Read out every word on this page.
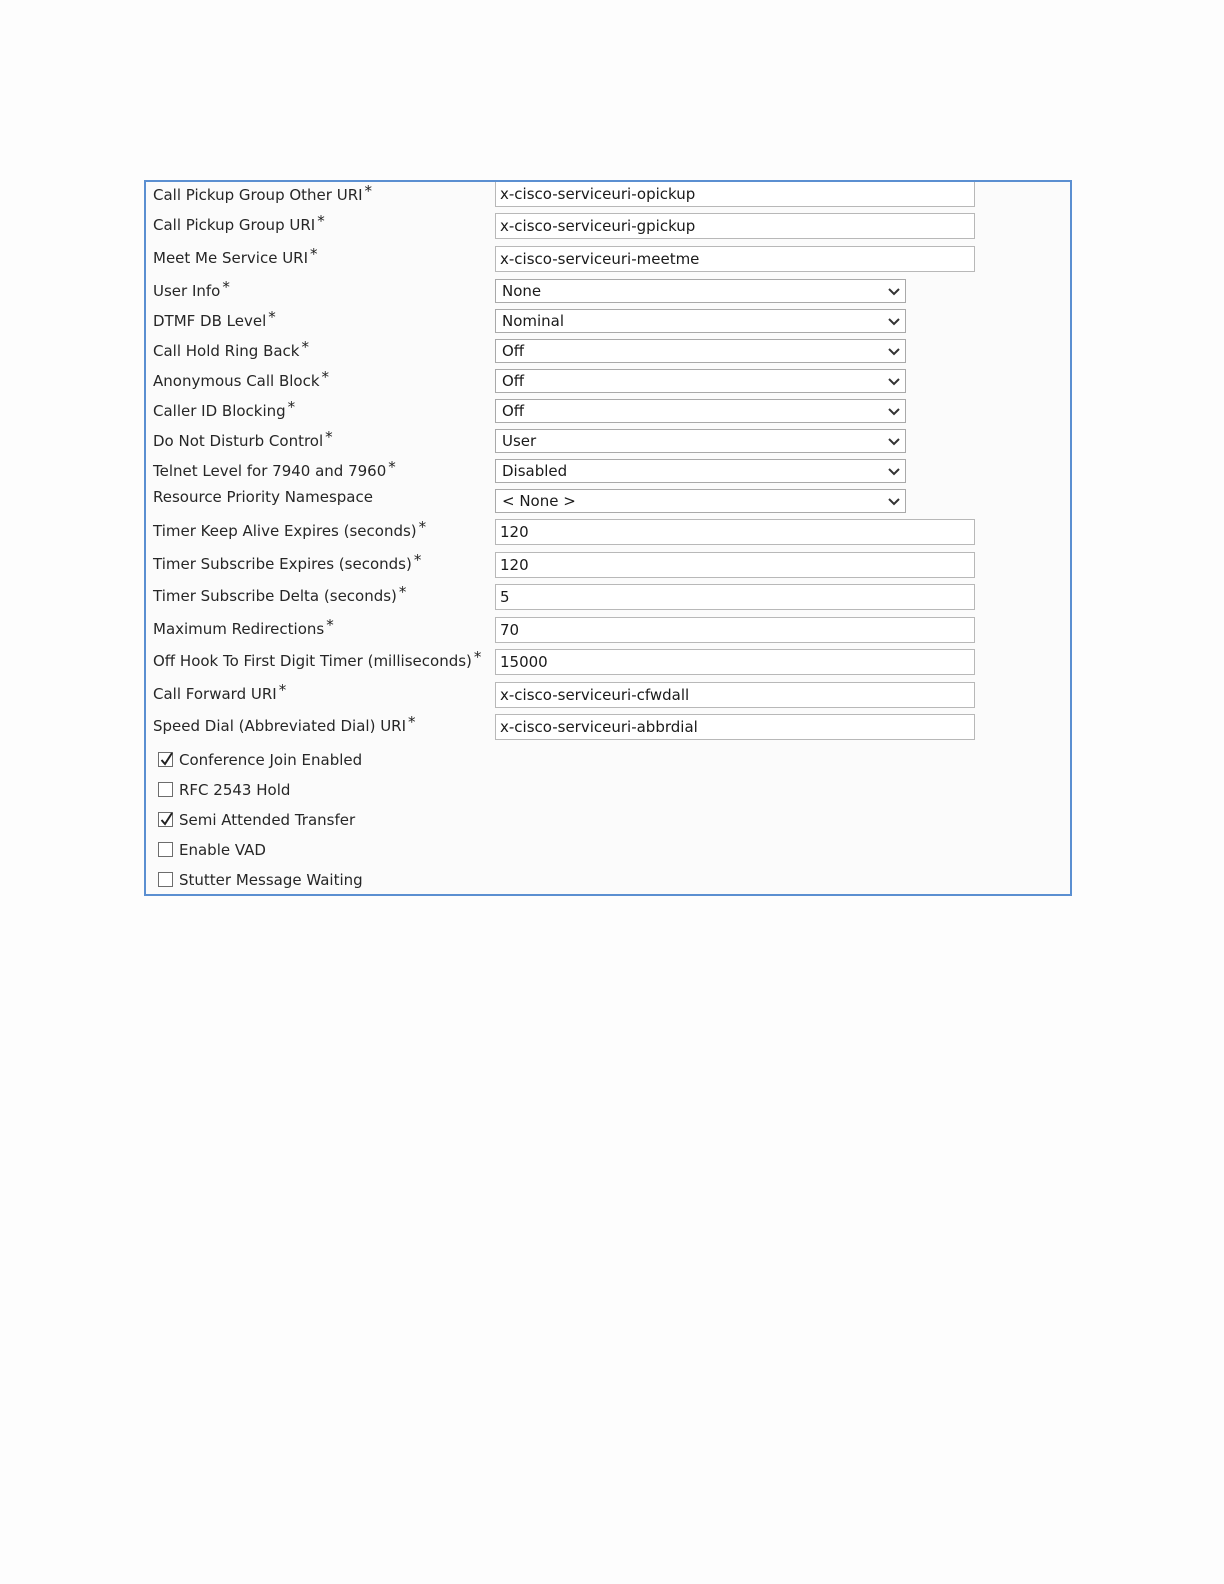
Call Pickup Group Other URI *	x-cisco-serviceuri-opickup
Call Pickup Group URI *	x-cisco-serviceuri-gpickup
Meet Me Service URI *	x-cisco-serviceuri-meetme
User Info *	None
DTMF DB Level *	Nominal
Call Hold Ring Back *	Off
Anonymous Call Block *	Off
Caller ID Blocking *	Off
Do Not Disturb Control *	User
Telnet Level for 7940 and 7960 *	Disabled
Resource Priority Namespace	< None >
Timer Keep Alive Expires (seconds) *	120
Timer Subscribe Expires (seconds) *	120
Timer Subscribe Delta (seconds) *	5
Maximum Redirections *	70
Off Hook To First Digit Timer (milliseconds) *	15000
Call Forward URI *	x-cisco-serviceuri-cfwdall
Speed Dial (Abbreviated Dial) URI *	x-cisco-serviceuri-abbrdial
Conference Join Enabled
RFC 2543 Hold
Semi Attended Transfer
Enable VAD
Stutter Message Waiting
